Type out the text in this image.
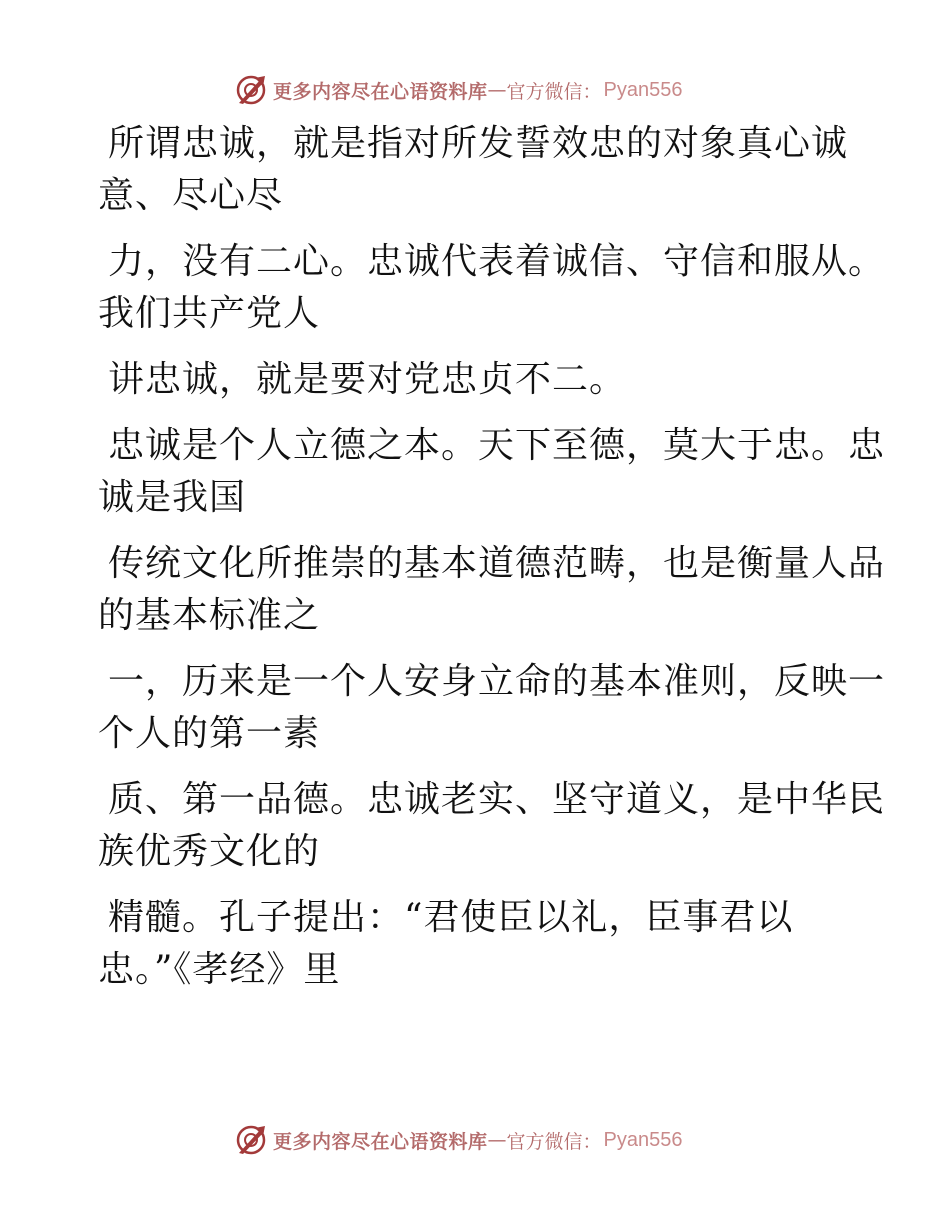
更多内容尽在心语资料库 — 官方微信： Pyan556
所谓忠诚，就是指对所发誓效忠的对象真心诚
意、尽心尽
力，没有二心。忠诚代表着诚信、守信和服从。
我们共产党人
讲忠诚，就是要对党忠贞不二。
忠诚是个人立德之本。天下至德，莫大于忠。忠
诚是我国
传统文化所推崇的基本道德范畴，也是衡量人品
的基本标准之
一，历来是一个人安身立命的基本准则，反映一
个人的第一素
质、第一品德。忠诚老实、坚守道义，是中华民
族优秀文化的
精髓。孔子提出：“君使臣以礼，臣事君以
忠。”《孝经》里
更多内容尽在心语资料库 — 官方微信： Pyan556
